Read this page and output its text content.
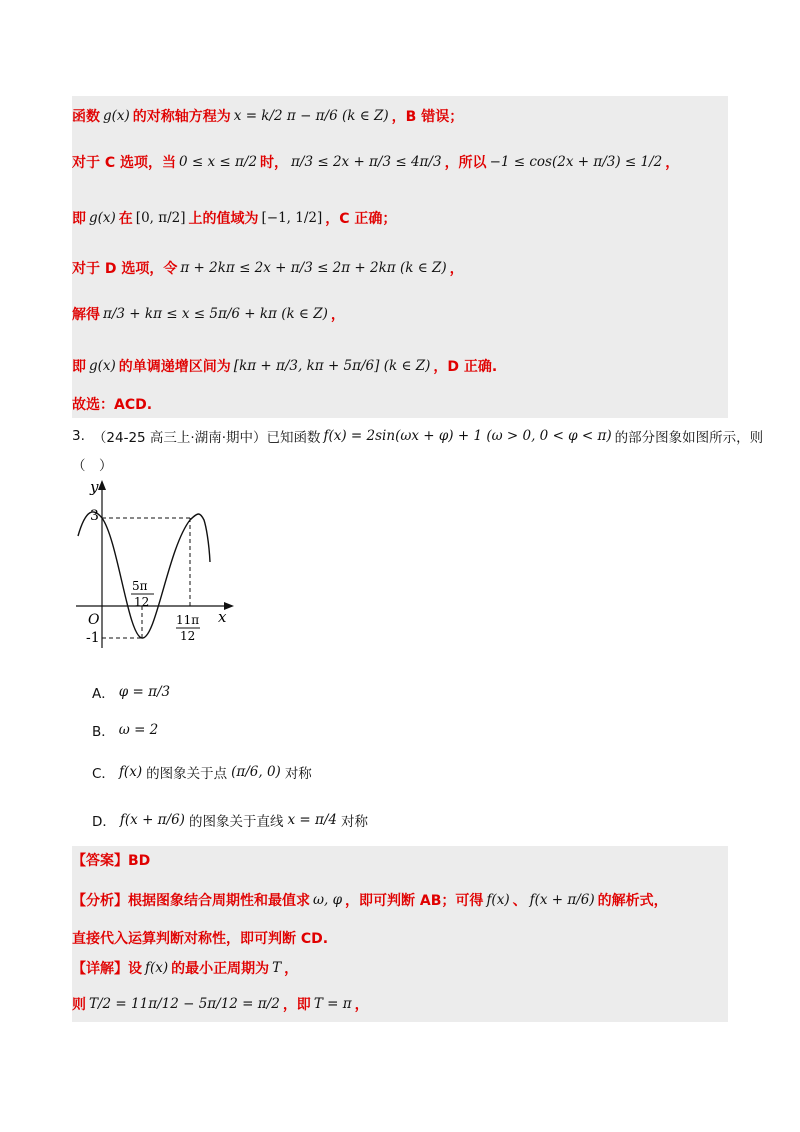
函数 g(x) 的对称轴方程为 x = k/2 π − π/6 (k ∈ Z) ，B 错误；
对于 C 选项，当 0 ≤ x ≤ π/2 时， π/3 ≤ 2x + π/3 ≤ 4π/3 ，所以 −1 ≤ cos(2x + π/3) ≤ 1/2 ，
即 g(x) 在 [0, π/2] 上的值域为 [−1, 1/2] ，C 正确；
对于 D 选项，令 π + 2kπ ≤ 2x + π/3 ≤ 2π + 2kπ (k ∈ Z) ，
解得 π/3 + kπ ≤ x ≤ 5π/6 + kπ (k ∈ Z) ，
即 g(x) 的单调递增区间为 [kπ + π/3, kπ + 5π/6] (k ∈ Z) ，D 正确.
故选：ACD.
3. （24-25 高三上·湖南·期中）已知函数 f(x) = 2sin(ωx + φ) + 1 (ω > 0, 0 < φ < π) 的部分图象如图所示，则
（　）
y
x
O
3
-1
5π
12
11π
12
A． φ = π/3
B． ω = 2
C． f(x) 的图象关于点 (π/6, 0) 对称
D． f(x + π/6) 的图象关于直线 x = π/4 对称
【答案】BD
【分析】根据图象结合周期性和最值求 ω, φ ，即可判断 AB；可得 f(x) 、 f(x + π/6) 的解析式，
直接代入运算判断对称性，即可判断 CD.
【详解】设 f(x) 的最小正周期为 T ，
则 T/2 = 11π/12 − 5π/12 = π/2 ，即 T = π ，
